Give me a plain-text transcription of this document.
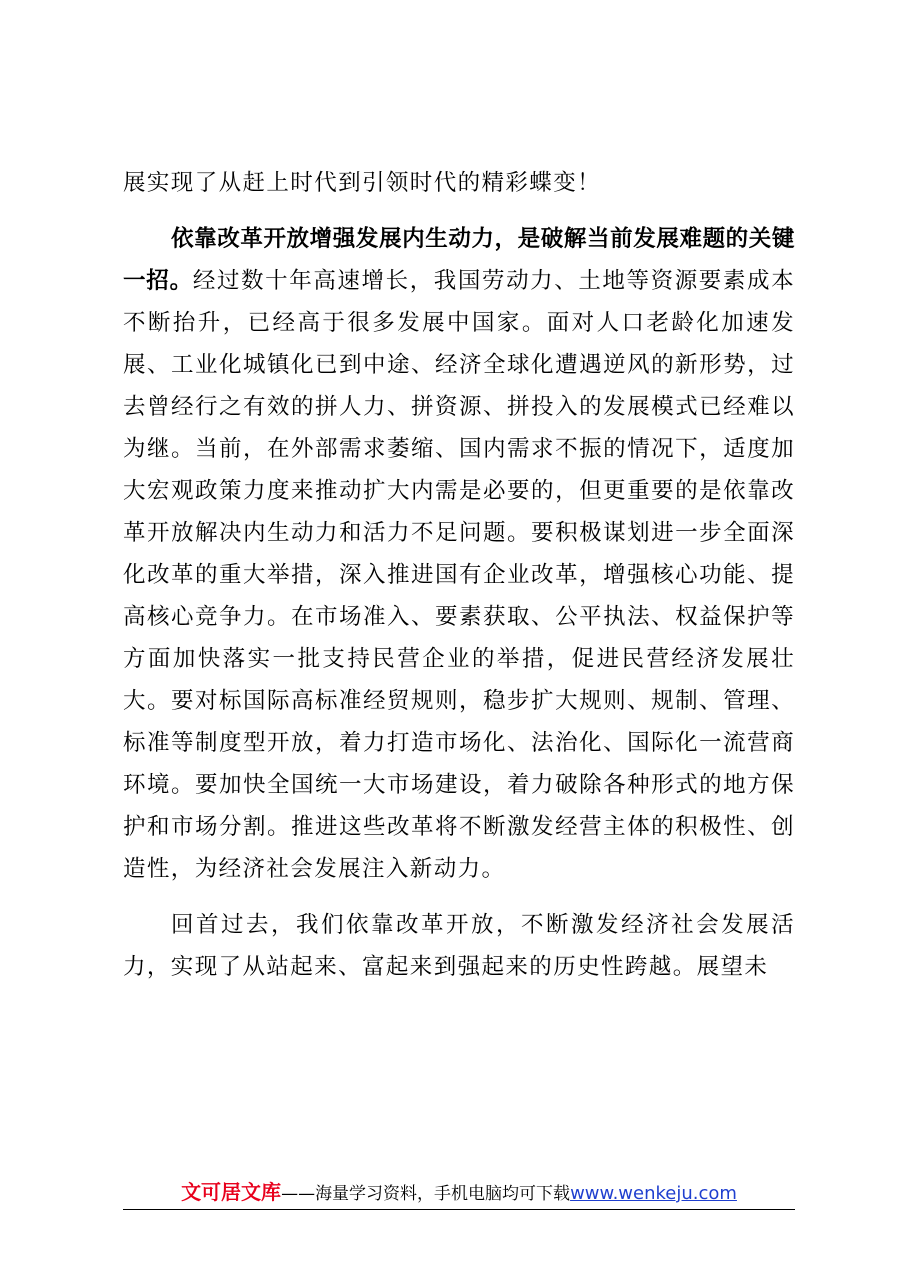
展实现了从赶上时代到引领时代的精彩蝶变！

依靠改革开放增强发展内生动力，是破解当前发展难题的关键一招。经过数十年高速增长，我国劳动力、土地等资源要素成本不断抬升，已经高于很多发展中国家。面对人口老龄化加速发展、工业化城镇化已到中途、经济全球化遭遇逆风的新形势，过去曾经行之有效的拼人力、拼资源、拼投入的发展模式已经难以为继。当前，在外部需求萎缩、国内需求不振的情况下，适度加大宏观政策力度来推动扩大内需是必要的，但更重要的是依靠改革开放解决内生动力和活力不足问题。要积极谋划进一步全面深化改革的重大举措，深入推进国有企业改革，增强核心功能、提高核心竞争力。在市场准入、要素获取、公平执法、权益保护等方面加快落实一批支持民营企业的举措，促进民营经济发展壮大。要对标国际高标准经贸规则，稳步扩大规则、规制、管理、标准等制度型开放，着力打造市场化、法治化、国际化一流营商环境。要加快全国统一大市场建设，着力破除各种形式的地方保护和市场分割。推进这些改革将不断激发经营主体的积极性、创造性，为经济社会发展注入新动力。

回首过去，我们依靠改革开放，不断激发经济社会发展活力，实现了从站起来、富起来到强起来的历史性跨越。展望未

文可居文库——海量学习资料，手机电脑均可下载www.wenkeju.com
